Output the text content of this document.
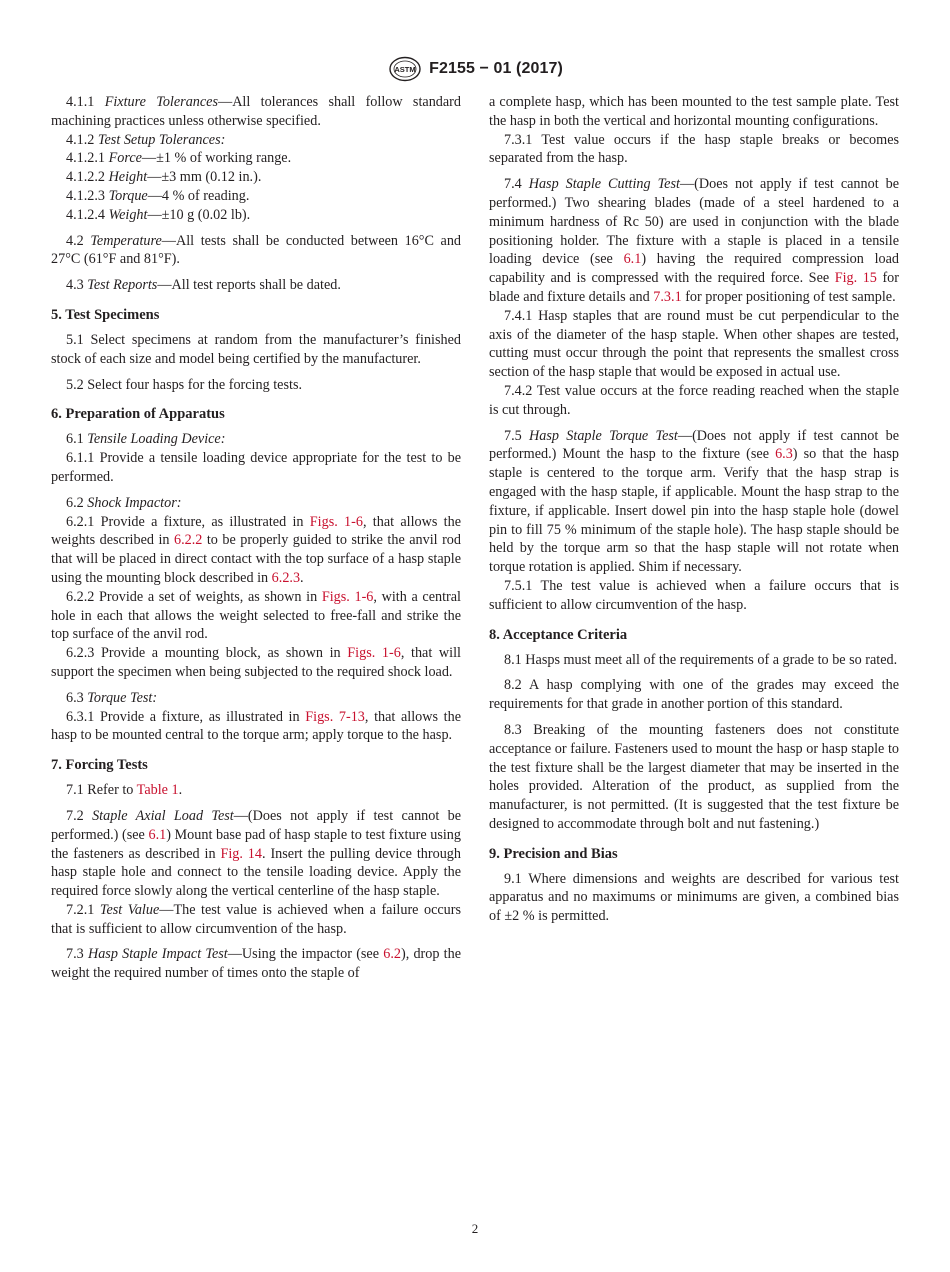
ASTM F2155 − 01 (2017)

4.1.1 Fixture Tolerances—All tolerances shall follow standard machining practices unless otherwise specified.

4.1.2 Test Setup Tolerances:

4.1.2.1 Force—±1 % of working range.

4.1.2.2 Height—±3 mm (0.12 in.).

4.1.2.3 Torque—4 % of reading.

4.1.2.4 Weight—±10 g (0.02 lb).

4.2 Temperature—All tests shall be conducted between 16°C and 27°C (61°F and 81°F).

4.3 Test Reports—All test reports shall be dated.

5. Test Specimens

5.1 Select specimens at random from the manufacturer’s finished stock of each size and model being certified by the manufacturer.

5.2 Select four hasps for the forcing tests.

6. Preparation of Apparatus

6.1 Tensile Loading Device:

6.1.1 Provide a tensile loading device appropriate for the test to be performed.

6.2 Shock Impactor:

6.2.1 Provide a fixture, as illustrated in Figs. 1-6, that allows the weights described in 6.2.2 to be properly guided to strike the anvil rod that will be placed in direct contact with the top surface of a hasp staple using the mounting block described in 6.2.3.

6.2.2 Provide a set of weights, as shown in Figs. 1-6, with a central hole in each that allows the weight selected to free-fall and strike the top surface of the anvil rod.

6.2.3 Provide a mounting block, as shown in Figs. 1-6, that will support the specimen when being subjected to the required shock load.

6.3 Torque Test:

6.3.1 Provide a fixture, as illustrated in Figs. 7-13, that allows the hasp to be mounted central to the torque arm; apply torque to the hasp.

7. Forcing Tests

7.1 Refer to Table 1.

7.2 Staple Axial Load Test—(Does not apply if test cannot be performed.) (see 6.1) Mount base pad of hasp staple to test fixture using the fasteners as described in Fig. 14. Insert the pulling device through hasp staple hole and connect to the tensile loading device. Apply the required force slowly along the vertical centerline of the hasp staple.

7.2.1 Test Value—The test value is achieved when a failure occurs that is sufficient to allow circumvention of the hasp.

7.3 Hasp Staple Impact Test—Using the impactor (see 6.2), drop the weight the required number of times onto the staple of

a complete hasp, which has been mounted to the test sample plate. Test the hasp in both the vertical and horizontal mounting configurations.

7.3.1 Test value occurs if the hasp staple breaks or becomes separated from the hasp.

7.4 Hasp Staple Cutting Test—(Does not apply if test cannot be performed.) Two shearing blades (made of a steel hardened to a minimum hardness of Rc 50) are used in conjunction with the blade positioning holder. The fixture with a staple is placed in a tensile loading device (see 6.1) having the required compression load capability and is compressed with the required force. See Fig. 15 for blade and fixture details and 7.3.1 for proper positioning of test sample.

7.4.1 Hasp staples that are round must be cut perpendicular to the axis of the diameter of the hasp staple. When other shapes are tested, cutting must occur through the point that represents the smallest cross section of the hasp staple that would be exposed in actual use.

7.4.2 Test value occurs at the force reading reached when the staple is cut through.

7.5 Hasp Staple Torque Test—(Does not apply if test cannot be performed.) Mount the hasp to the fixture (see 6.3) so that the hasp staple is centered to the torque arm. Verify that the hasp strap is engaged with the hasp staple, if applicable. Mount the hasp strap to the fixture, if applicable. Insert dowel pin into the hasp staple hole (dowel pin to fill 75 % minimum of the staple hole). The hasp staple should be held by the torque arm so that the hasp staple will not rotate when torque rotation is applied. Shim if necessary.

7.5.1 The test value is achieved when a failure occurs that is sufficient to allow circumvention of the hasp.

8. Acceptance Criteria

8.1 Hasps must meet all of the requirements of a grade to be so rated.

8.2 A hasp complying with one of the grades may exceed the requirements for that grade in another portion of this standard.

8.3 Breaking of the mounting fasteners does not constitute acceptance or failure. Fasteners used to mount the hasp or hasp staple to the test fixture shall be the largest diameter that may be inserted in the holes provided. Alteration of the product, as supplied from the manufacturer, is not permitted. (It is suggested that the test fixture be designed to accommodate through bolt and nut fastening.)

9. Precision and Bias

9.1 Where dimensions and weights are described for various test apparatus and no maximums or minimums are given, a combined bias of ±2 % is permitted.

2
